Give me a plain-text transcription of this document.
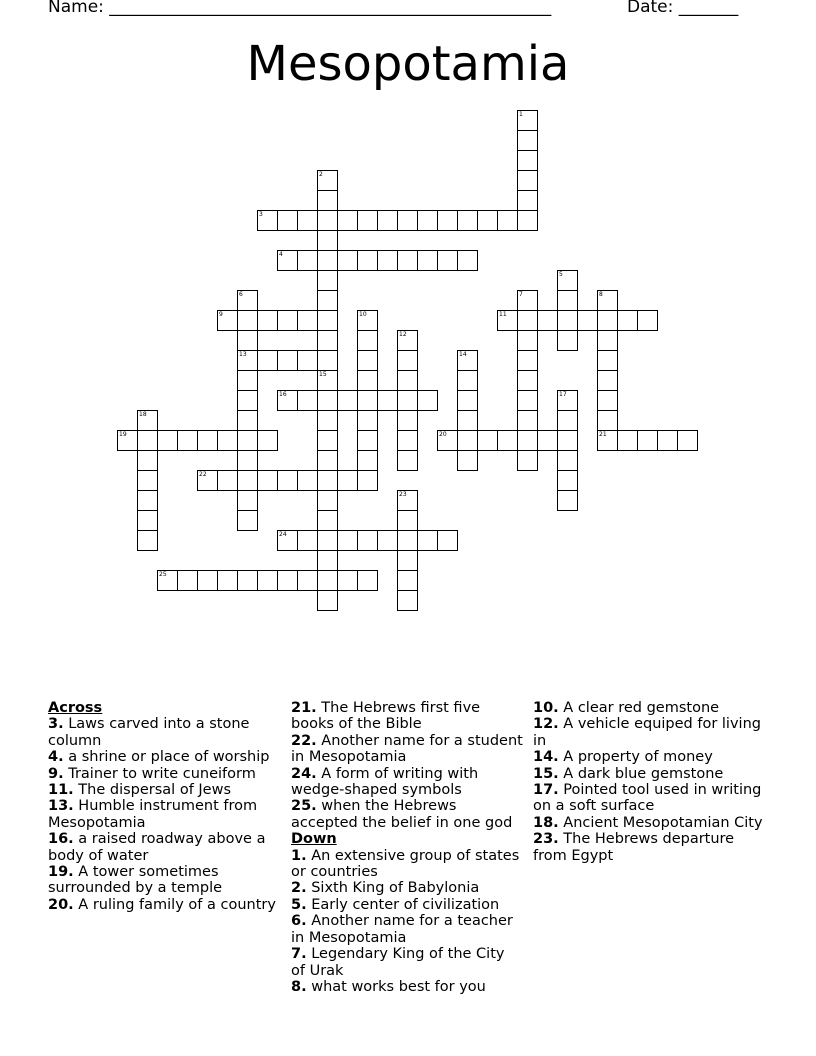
Name: ____________________________________________________	Date: _______
Mesopotamia
1
2
3
4
5
6
13
7	8
9	10	11
12
14
15
16	17
18
19	20	21
22
23
24
25
Across
3. Laws carved into a stone column
4. a shrine or place of worship
9. Trainer to write cuneiform
11. The dispersal of Jews
13. Humble instrument from Mesopotamia
16. a raised roadway above a body of water
19. A tower sometimes surrounded by a temple
20. A ruling family of a country
21. The Hebrews first five books of the Bible
22. Another name for a student in Mesopotamia
24. A form of writing with wedge-shaped symbols
25. when the Hebrews accepted the belief in one god
Down
1. An extensive group of states or countries
2. Sixth King of Babylonia
5. Early center of civilization
6. Another name for a teacher in Mesopotamia
7. Legendary King of the City of Urak
8. what works best for you
10. A clear red gemstone
12. A vehicle equiped for living in
14. A property of money
15. A dark blue gemstone
17. Pointed tool used in writing on a soft surface
18. Ancient Mesopotamian City
23. The Hebrews departure from Egypt
